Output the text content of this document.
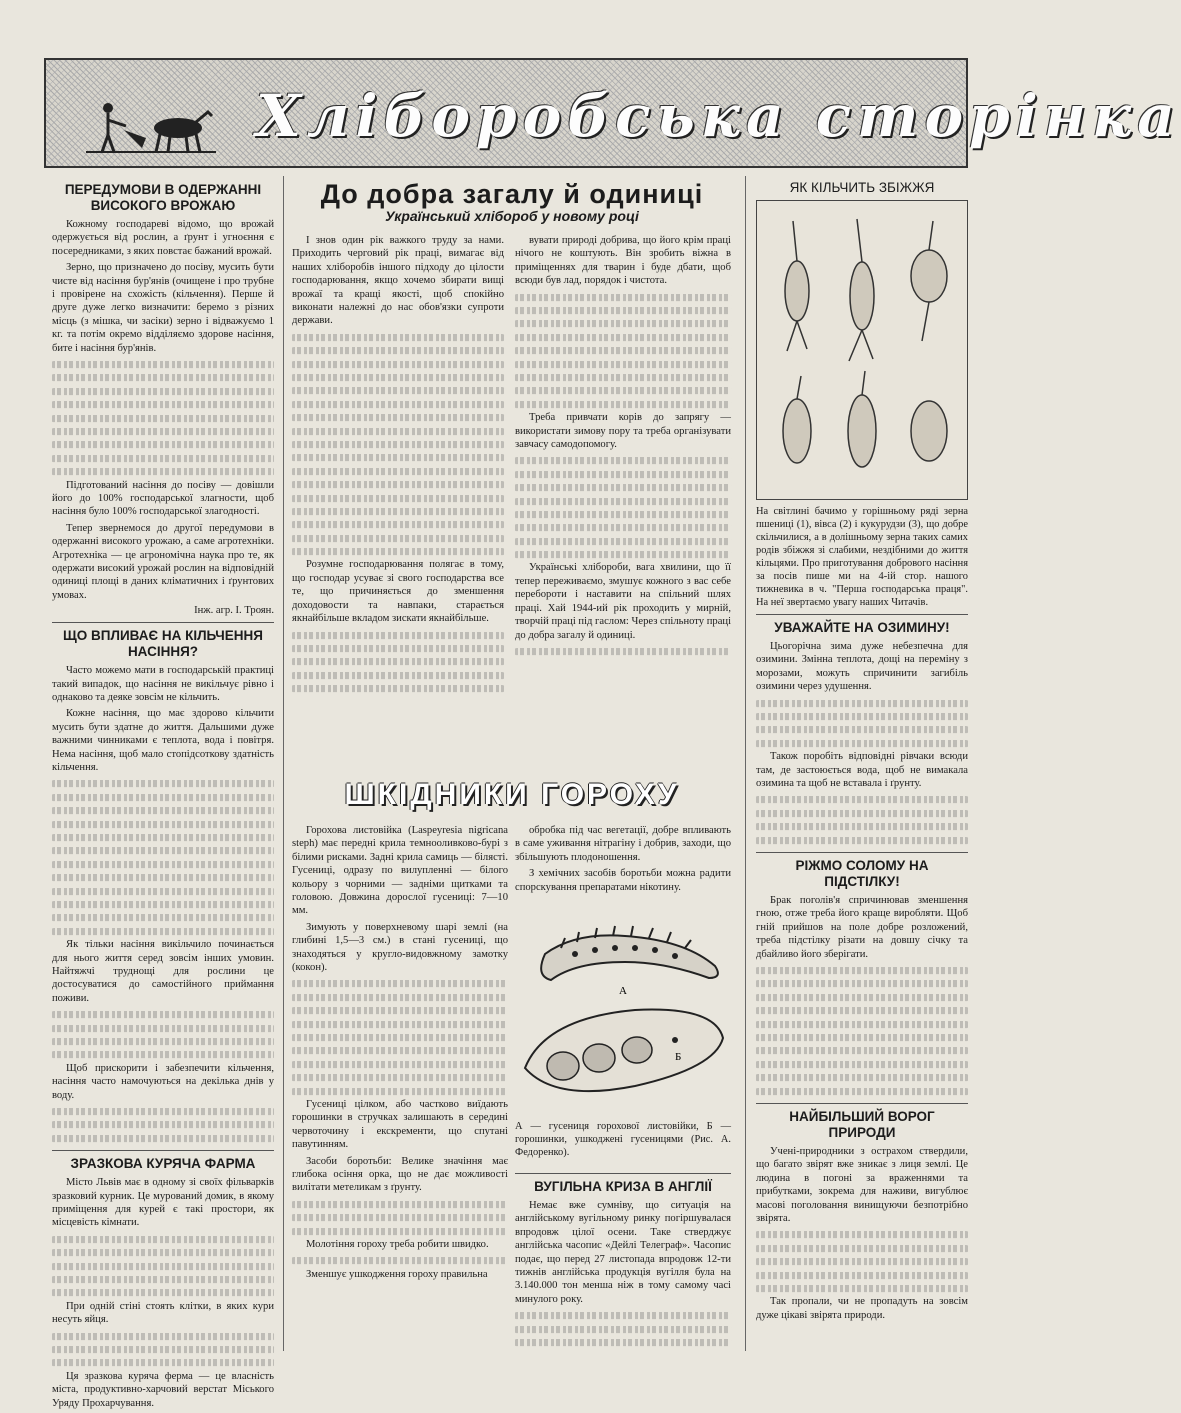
Хліборобська сторінка
ПЕРЕДУМОВИ В ОДЕРЖАННІ ВИСОКОГО ВРОЖАЮ
Кожному господареві відомо, що врожай одержується від рослин, а ґрунт і угноєння є посередниками, з яких повстає бажаний врожай.
Зерно, що призначено до посіву, мусить бути чисте від насіння бур'янів (очищене і про трубне і провірене на схожість (кільчення). Перше й друге дуже легко визначити: беремо з різних місць (з мішка, чи засіки) зерно і відважуємо 1 кг. та потім окремо відділяємо здорове насіння, бите і насіння бур'янів.
Підготований насіння до посіву — довішли його до 100% господарської злагности, щоб насіння було 100% господарської злагодності.
Тепер звернемося до другої передумови в одержанні високого урожаю, а саме агротехніки. Агротехніка — це агрономічна наука про те, як одержати високий урожай рослин на відповідній одиниці площі в даних кліматичних і ґрунтових умовах.
Інж. агр. І. Троян.
ЩО ВПЛИВАЄ НА КІЛЬЧЕННЯ НАСІННЯ?
Часто можемо мати в господарській практиці такий випадок, що насіння не викільчує рівно і однаково та деяке зовсім не кільчить.
Кожне насіння, що має здорово кільчити мусить бути здатне до життя. Дальшими дуже важними чинниками є теплота, вода і повітря. Нема насіння, щоб мало стопідсоткову здатність кільчення.
Як тільки насіння викільчило починається для нього життя серед зовсім інших умовин. Найтяжчі труднощі для рослини це достосуватися до самостійного приймання поживи.
Щоб прискорити і забезпечити кільчення, насіння часто намочуються на декілька днів у воду.
ЗРАЗКОВА КУРЯЧА ФАРМА
Місто Львів має в одному зі своїх фільварків зразковий курник. Це мурований домик, в якому приміщення для курей є такі простори, як місцевість кімнати.
При одній стіні стоять клітки, в яких кури несуть яйця.
Ця зразкова куряча ферма — це власність міста, продуктивно-харчовий верстат Міського Уряду Прохарчування.
До добра загалу й одиниці
Український хлібороб у новому році
І знов один рік важкого труду за нами. Приходить черговий рік праці, вимагає від наших хліборобів іншого підходу до цілости господарювання, якщо хочемо збирати вищі врожаї та кращі якості, щоб спокійно виконати належні до нас обов'язки супроти держави.
Розумне господарювання полягає в тому, що господар усуває зі свого господарства все те, що причиняється до зменшення доходовости та навпаки, старається якнайбільше вкладом зискати якнайбільше.
вувати природі добрива, що його крім праці нічого не коштують. Він зробить віжна в приміщеннях для тварин і буде дбати, щоб всюди був лад, порядок і чистота.
Треба привчати корів до запрягу — використати зимову пору та треба організувати завчасу самодопомогу.
Українські хлібороби, вага хвилини, що її тепер переживаємо, змушує кожного з вас себе перебороти і наставити на спільний шлях праці. Хай 1944-ий рік проходить у мирній, творчій праці під гаслом: Через спільноту праці до добра загалу й одиниці.
ШКІДНИКИ ГОРОХУ
Горохова листовійка (Laspeyresia nigricana steph) має передні крила темнооливково-бурі з білими рисками. Задні крила самиць — білясті. Гусениці, одразу по вилупленні — білого кольору з чорними — задніми щитками та головою. Довжина дорослої гусениці: 7—10 мм.
Зимують у поверхневому шарі землі (на глибині 1,5—3 см.) в стані гусениці, що знаходяться у кругло-видовжному замотку (кокон).
Гусениці цілком, або частково виїдають горошинки в стручках залишають в середині червоточину і екскременти, що спутані павутинням.
Засоби боротьби: Велике значіння має глибока осіння орка, що не дає можливості вилітати метеликам з ґрунту.
Молотіння гороху треба робити швидко.
Зменшує ушкодження гороху правильна
обробка під час вегетації, добре впливають в саме уживання нітрагіну і добрив, заходи, що збільшують плодоношення.
З хемічних засобів боротьби можна радити спорскування препаратами нікотину.
A
Б
А — гусениця горохової листовійки, Б — горошинки, ушкоджені гусеницями (Рис. А. Федоренко).
ВУГІЛЬНА КРИЗА В АНГЛІЇ
Немає вже сумніву, що ситуація на англійському вугільному ринку погіршувалася впродовж цілої осени. Таке стверджує англійська часопис «Дейлі Телеграф». Часопис подає, що перед 27 листопада впродовж 12-ти тижнів англійська продукція вугілля була на 3.140.000 тон менша ніж в тому самому часі минулого року.
ЯК КІЛЬЧИТЬ ЗБІЖЖЯ
На світлині бачимо у горішньому ряді зерна пшениці (1), вівса (2) і кукурудзи (3), що добре скільчилися, а в долішньому зерна таких самих родів збіжжя зі слабими, нездібними до життя кільцями. Про приготування добрового насіння за посів пише ми на 4-ій стор. нашого тижневика в ч. "Перша господарська праця". На неї звертаємо увагу наших Читачів.
УВАЖАЙТЕ НА ОЗИМИНУ!
Цьогорічна зима дуже небезпечна для озимини. Змінна теплота, дощі на переміну з морозами, можуть спричинити загибіль озимини через удушення.
Також поробіть відповідні рівчаки всюди там, де застоюється вода, щоб не вимакала озимина та щоб не вставала і ґрунту.
РІЖМО СОЛОМУ НА ПІДСТІЛКУ!
Брак поголів'я спричинював зменшення гною, отже треба його краще виробляти. Щоб гній прийшов на поле добре розложений, треба підстілку різати на довшу січку та дбайливо його зберігати.
НАЙБІЛЬШИЙ ВОРОГ ПРИРОДИ
Учені-природники з острахом ствердили, що багато звірят вже зникає з лиця землі. Це людина в погоні за враженнями та прибутками, зокрема для наживи, вигублює масові поголовання винищуючи безпотрібно звірята.
Так пропали, чи не пропадуть на зовсім дуже цікаві звірята природи.
